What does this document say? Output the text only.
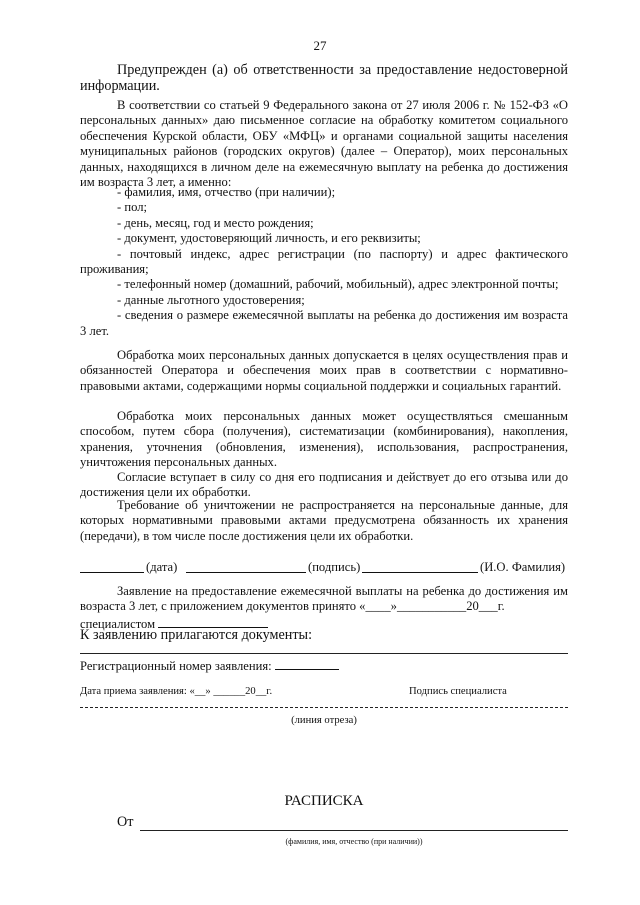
27
Предупрежден (а) об ответственности за предоставление недостоверной информации.
В соответствии со статьей 9 Федерального закона от 27 июля 2006 г. № 152-ФЗ «О персональных данных» даю письменное согласие на обработку комитетом социального обеспечения Курской области, ОБУ «МФЦ» и органами социальной защиты населения муниципальных районов (городских округов) (далее – Оператор), моих персональных данных, находящихся в личном деле на ежемесячную выплату на ребенка до достижения им возраста 3 лет, а именно:
- фамилия, имя, отчество (при наличии);
- пол;
- день, месяц, год и место рождения;
- документ, удостоверяющий личность, и его реквизиты;
- почтовый индекс, адрес регистрации (по паспорту) и адрес фактического проживания;
- телефонный номер (домашний, рабочий, мобильный), адрес электронной почты;
- данные льготного удостоверения;
- сведения о размере ежемесячной выплаты на ребенка до достижения им возраста 3 лет.
Обработка моих персональных данных допускается в целях осуществления прав и обязанностей Оператора и обеспечения моих прав в соответствии с нормативно-правовыми актами, содержащими нормы социальной поддержки и социальных гарантий.
Обработка моих персональных данных может осуществляться смешанным способом, путем сбора (получения), систематизации (комбинирования), накопления, хранения, уточнения (обновления, изменения), использования, распространения, уничтожения персональных данных.
Согласие вступает в силу со дня его подписания и действует до его отзыва или до достижения цели их обработки.
Требование об уничтожении не распространяется на персональные данные, для которых нормативными правовыми актами предусмотрена обязанность их хранения (передачи), в том числе после достижения цели их обработки.
(дата)	(подпись)	(И.О. Фамилия)
Заявление на предоставление ежемесячной выплаты на ребенка до достижения им возраста 3 лет, с приложением документов принято «____»___________20___г.
специалистом
К заявлению прилагаются документы:
Регистрационный номер заявления:
Дата приема заявления: «__» ______20__г.	Подпись специалиста
(линия отреза)
РАСПИСКА
От
(фамилия, имя, отчество (при наличии))
